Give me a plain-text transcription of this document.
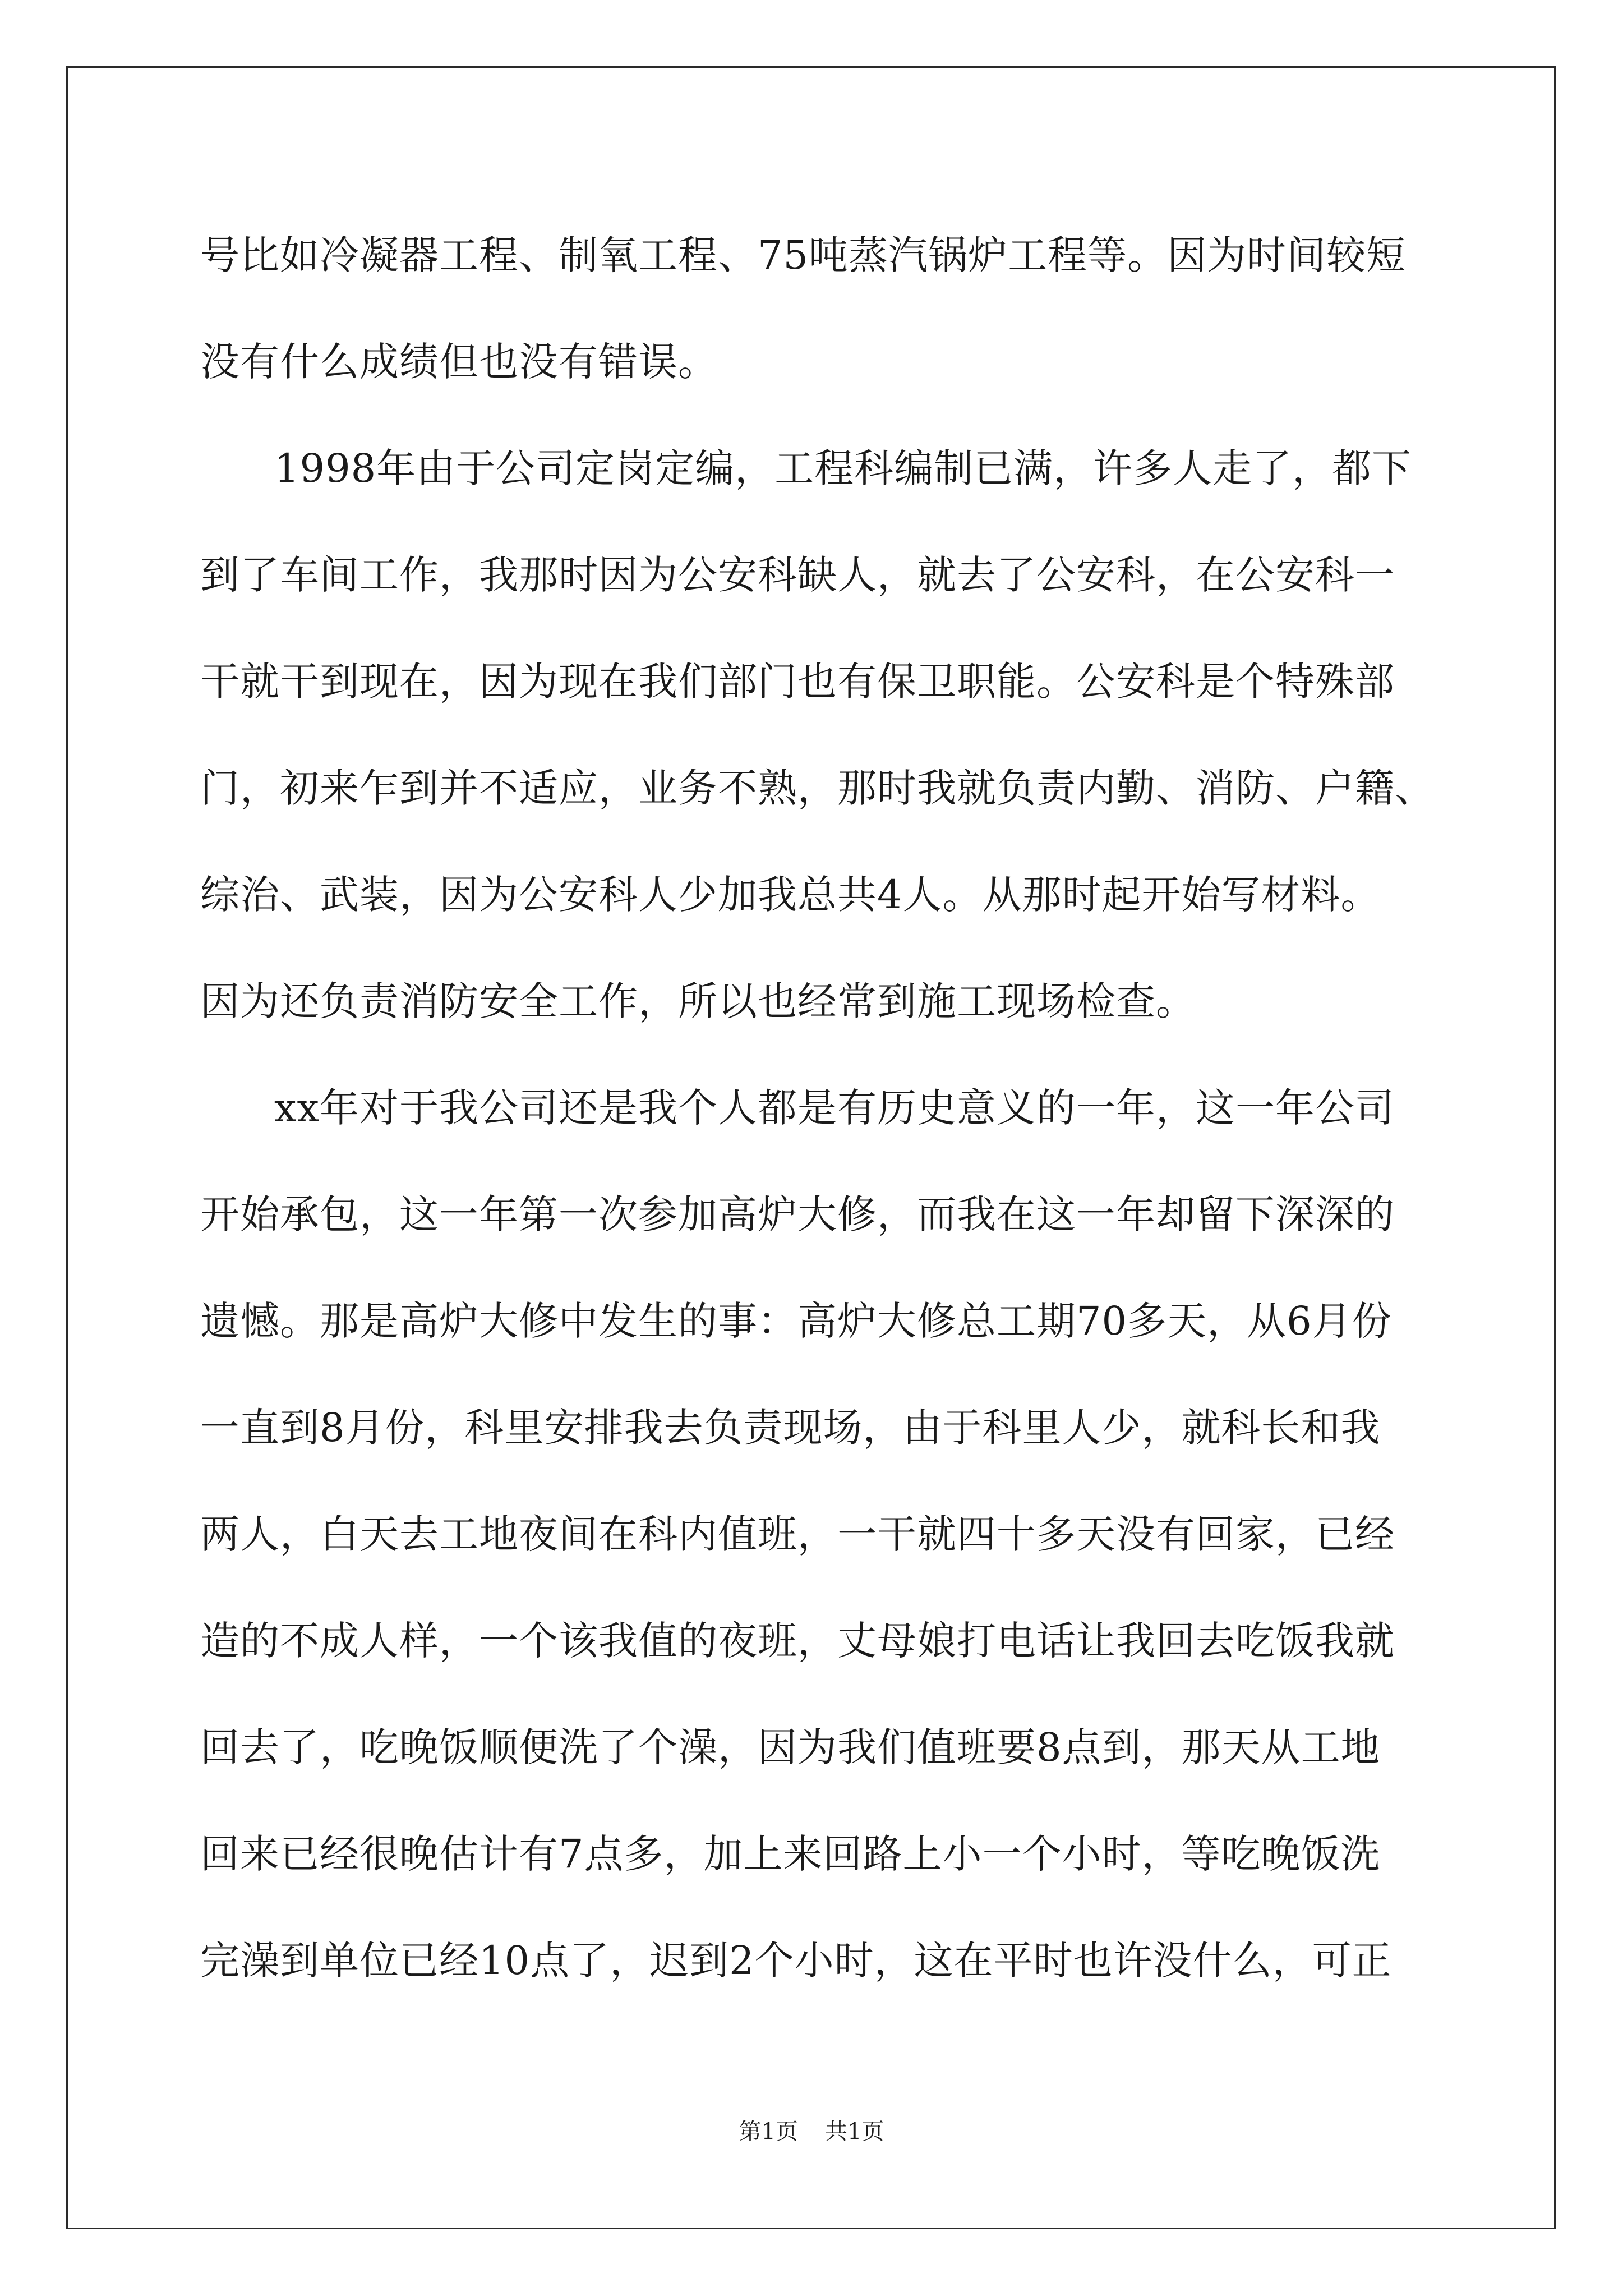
号比如冷凝器工程、制氧工程、75吨蒸汽锅炉工程等。因为时间较短
没有什么成绩但也没有错误。
1998年由于公司定岗定编，工程科编制已满，许多人走了，都下
到了车间工作，我那时因为公安科缺人，就去了公安科，在公安科一
干就干到现在，因为现在我们部门也有保卫职能。公安科是个特殊部
门，初来乍到并不适应，业务不熟，那时我就负责内勤、消防、户籍、
综治、武装，因为公安科人少加我总共4人。从那时起开始写材料。
因为还负责消防安全工作，所以也经常到施工现场检查。
xx年对于我公司还是我个人都是有历史意义的一年，这一年公司
开始承包，这一年第一次参加高炉大修，而我在这一年却留下深深的
遗憾。那是高炉大修中发生的事：高炉大修总工期70多天，从6月份
一直到8月份，科里安排我去负责现场，由于科里人少，就科长和我
两人，白天去工地夜间在科内值班，一干就四十多天没有回家，已经
造的不成人样，一个该我值的夜班，丈母娘打电话让我回去吃饭我就
回去了，吃晚饭顺便洗了个澡，因为我们值班要8点到，那天从工地
回来已经很晚估计有7点多，加上来回路上小一个小时，等吃晚饭洗
完澡到单位已经10点了，迟到2个小时，这在平时也许没什么，可正
第1页 共1页
